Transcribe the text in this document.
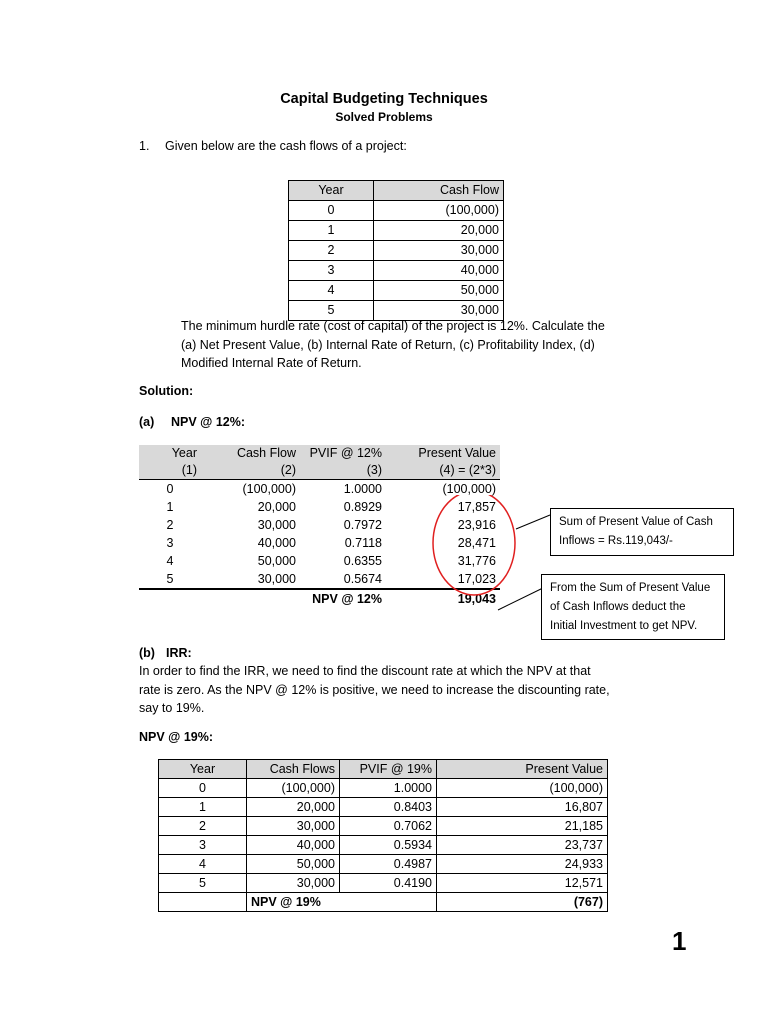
Capital Budgeting Techniques
Solved Problems
1. Given below are the cash flows of a project:
Year	Cash Flow
0	(100,000)
1	20,000
2	30,000
3	40,000
4	50,000
5	30,000

The minimum hurdle rate (cost of capital) of the project is 12%. Calculate the

(a) Net Present Value, (b) Internal Rate of Return, (c) Profitability Index, (d)

Modified Internal Rate of Return.

Solution:
(a) NPV @ 12%:
Year	Cash Flow	PVIF @ 12%	Present Value
(1)	(2)	(3)	(4) = (2*3)
0	(100,000)	1.0000	(100,000)
1	20,000	0.8929	17,857
2	30,000	0.7972	23,916
3	40,000	0.7118	28,471
4	50,000	0.6355	31,776
5	30,000	0.5674	17,023
		NPV @ 12%	19,043
Sum of Present Value of Cash
Inflows = Rs.119,043/-
From the Sum of Present Value
of Cash Inflows deduct the
Initial Investment to get NPV.
(b) IRR:

In order to find the IRR, we need to find the discount rate at which the NPV at that

rate is zero. As the NPV @ 12% is positive, we need to increase the discounting rate,

say to 19%.

NPV @ 19%:
Year	Cash Flows	PVIF @ 19%	Present Value
0	(100,000)	1.0000	(100,000)
1	20,000	0.8403	16,807
2	30,000	0.7062	21,185
3	40,000	0.5934	23,737
4	50,000	0.4987	24,933
5	30,000	0.4190	12,571
	NPV @ 19%		(767)
1
